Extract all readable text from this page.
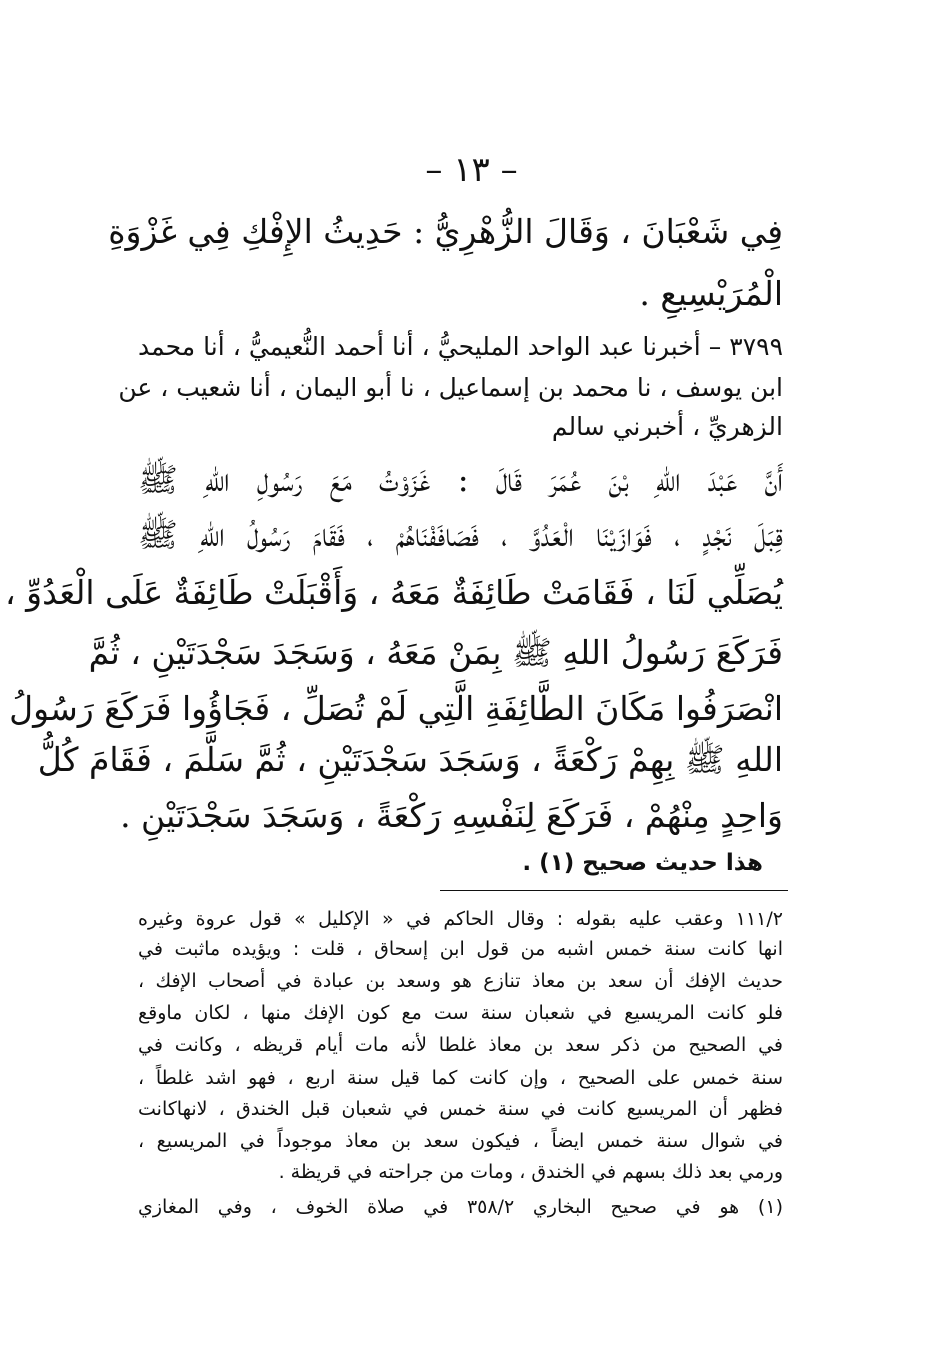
– ١٣ –
فِي شَعْبَانَ ، وَقَالَ الزُّهْرِيُّ : حَدِيثُ الإِفْكِ فِي غَزْوَةِ
الْمُرَيْسِيعِ .
٣٧٩٩ – أخبرنا عبد الواحد المليحيُّ ، أنا أحمد النُّعيميُّ ، أنا محمد
ابن يوسف ، نا محمد بن إسماعيل ، نا أبو اليمان ، أنا شعيب ، عن
الزهريِّ ، أخبرني سالم
أَنَّ عَبْدَ اللهِ بْنَ عُمَرَ قَالَ : غَزَوْتُ مَعَ رَسُولِ اللهِ ﷺ
قِبَلَ نَجْدٍ ، فَوَازَيْنَا الْعَدُوَّ ، فَصَافَفْنَاهُمْ ، فَقَامَ رَسُولُ اللهِ ﷺ
يُصَلِّي لَنَا ، فَقَامَتْ طَائِفَةٌ مَعَهُ ، وَأَقْبَلَتْ طَائِفَةٌ عَلَى الْعَدُوِّ ،
فَرَكَعَ رَسُولُ اللهِ ﷺ بِمَنْ مَعَهُ ، وَسَجَدَ سَجْدَتَيْنِ ، ثُمَّ
انْصَرَفُوا مَكَانَ الطَّائِفَةِ الَّتِي لَمْ تُصَلِّ ، فَجَاؤُوا فَرَكَعَ رَسُولُ
اللهِ ﷺ بِهِمْ رَكْعَةً ، وَسَجَدَ سَجْدَتَيْنِ ، ثُمَّ سَلَّمَ ، فَقَامَ كُلُّ
وَاحِدٍ مِنْهُمْ ، فَرَكَعَ لِنَفْسِهِ رَكْعَةً ، وَسَجَدَ سَجْدَتَيْنِ .
هذا حديث صحيح (١) .
١١١/٢ وعقب عليه بقوله : وقال الحاكم في « الإكليل » قول عروة وغيره
انها كانت سنة خمس اشبه من قول ابن إسحاق ، قلت : ويؤيده ماثبت في
حديث الإفك أن سعد بن معاذ تنازع هو وسعد بن عبادة في أصحاب الإفك ،
فلو كانت المريسيع في شعبان سنة ست مع كون الإفك منها ، لكان ماوقع
في الصحيح من ذكر سعد بن معاذ غلطا لأنه مات أيام قريظه ، وكانت في
سنة خمس على الصحيح ، وإن كانت كما قيل سنة اربع ، فهو اشد غلطاً ،
فظهر أن المريسيع كانت في سنة خمس في شعبان قبل الخندق ، لانهاكانت
في شوال سنة خمس ايضاً ، فيكون سعد بن معاذ موجوداً في المريسيع ،
ورمي بعد ذلك بسهم في الخندق ، ومات من جراحته في قريظة .
(١) هو في صحيح البخاري ٣٥٨/٢ في صلاة الخوف ، وفي المغازي
